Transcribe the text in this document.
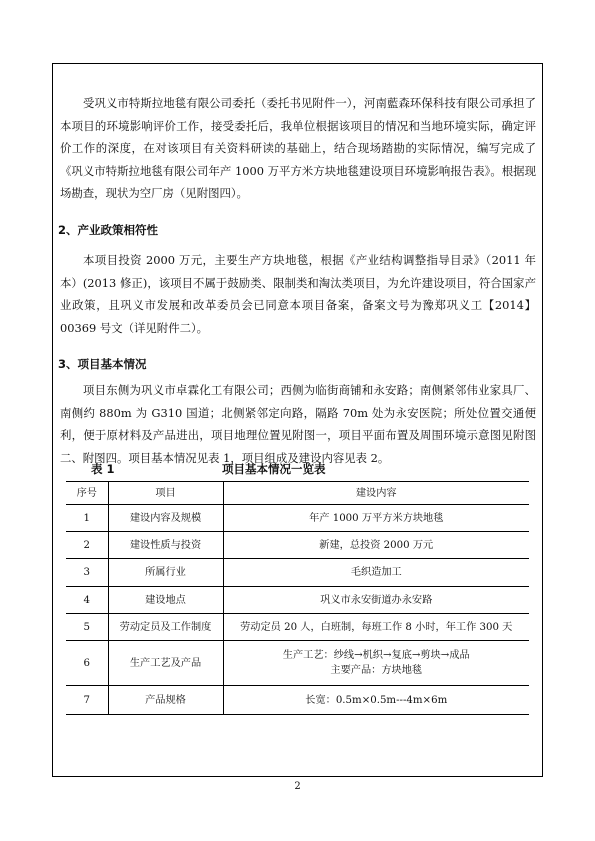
受巩义市特斯拉地毯有限公司委托（委托书见附件一），河南藍森环保科技有限公司承担了本项目的环境影响评价工作，接受委托后，我单位根据该项目的情况和当地环境实际，确定评价工作的深度，在对该项目有关资料研读的基础上，结合现场踏勘的实际情况，编写完成了《巩义市特斯拉地毯有限公司年产 1000 万平方米方块地毯建设项目环境影响报告表》。根据现场勘查，现状为空厂房（见附图四）。

2、产业政策相符性

本项目投资 2000 万元，主要生产方块地毯，根据《产业结构调整指导目录》（2011 年本）(2013 修正)，该项目不属于鼓励类、限制类和淘汰类项目，为允许建设项目，符合国家产业政策，且巩义市发展和改革委员会已同意本项目备案，备案文号为豫郑巩义工【2014】00369 号文（详见附件二）。

3、项目基本情况

项目东侧为巩义市卓霖化工有限公司；西侧为临街商铺和永安路；南侧紧邻伟业家具厂、南侧约 880m 为 G310 国道；北侧紧邻定向路，隔路 70m 处为永安医院；所处位置交通便利，便于原材料及产品进出，项目地理位置见附图一，项目平面布置及周围环境示意图见附图二、附图四。项目基本情况见表 1，项目组成及建设内容见表 2。

表 1	项目基本情况一览表
序号	项目	建设内容
1	建设内容及规模	年产 1000 万平方米方块地毯
2	建设性质与投资	新建，总投资 2000 万元
3	所属行业	毛织造加工
4	建设地点	巩义市永安街道办永安路
5	劳动定员及工作制度	劳动定员 20 人，白班制，每班工作 8 小时，年工作 300 天
6	生产工艺及产品	生产工艺：纱线→机织→复底→剪块→成品
主要产品：方块地毯

7	产品规格	长宽：0.5m×0.5m---4m×6m
2
